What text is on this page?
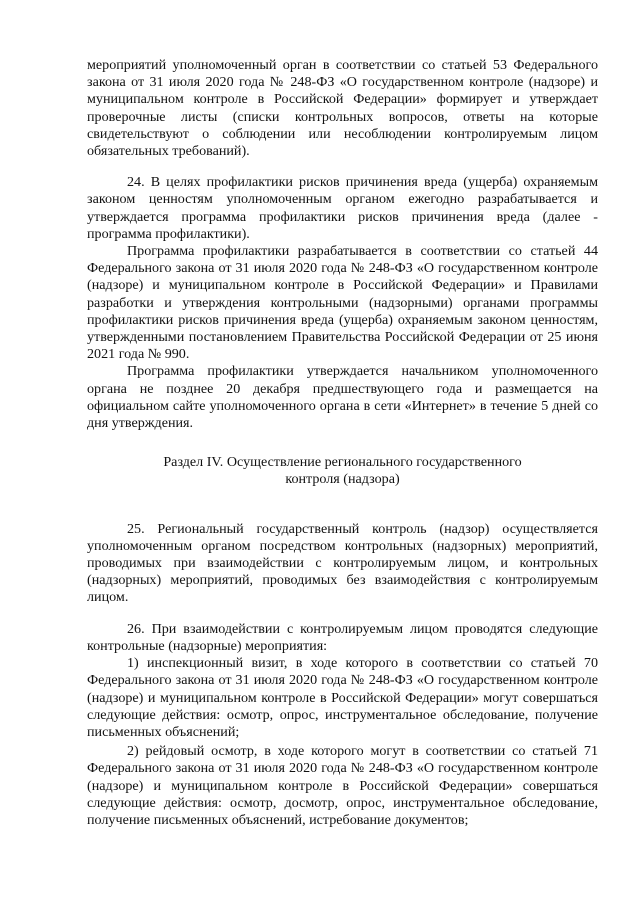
мероприятий уполномоченный орган в соответствии со статьей 53 Федерального закона от 31 июля 2020 года № 248-ФЗ «О государственном контроле (надзоре) и муниципальном контроле в Российской Федерации» формирует и утверждает проверочные листы (списки контрольных вопросов, ответы на которые свидетельствуют о соблюдении или несоблюдении контролируемым лицом обязательных требований).

24. В целях профилактики рисков причинения вреда (ущерба) охраняемым законом ценностям уполномоченным органом ежегодно разрабатывается и утверждается программа профилактики рисков причинения вреда (далее - программа профилактики).

Программа профилактики разрабатывается в соответствии со статьей 44 Федерального закона от 31 июля 2020 года № 248-ФЗ «О государственном контроле (надзоре) и муниципальном контроле в Российской Федерации» и Правилами разработки и утверждения контрольными (надзорными) органами программы профилактики рисков причинения вреда (ущерба) охраняемым законом ценностям, утвержденными постановлением Правительства Российской Федерации от 25 июня 2021 года № 990.

Программа профилактики утверждается начальником уполномоченного органа не позднее 20 декабря предшествующего года и размещается на официальном сайте уполномоченного органа в сети «Интернет» в течение 5 дней со дня утверждения.

Раздел IV. Осуществление регионального государственного
контроля (надзора)

25. Региональный государственный контроль (надзор) осуществляется уполномоченным органом посредством контрольных (надзорных) мероприятий, проводимых при взаимодействии с контролируемым лицом, и контрольных (надзорных) мероприятий, проводимых без взаимодействия с контролируемым лицом.

26. При взаимодействии с контролируемым лицом проводятся следующие контрольные (надзорные) мероприятия:

1) инспекционный визит, в ходе которого в соответствии со статьей 70 Федерального закона от 31 июля 2020 года № 248-ФЗ «О государственном контроле (надзоре) и муниципальном контроле в Российской Федерации» могут совершаться следующие действия: осмотр, опрос, инструментальное обследование, получение письменных объяснений;

2) рейдовый осмотр, в ходе которого могут в соответствии со статьей 71 Федерального закона от 31 июля 2020 года № 248-ФЗ «О государственном контроле (надзоре) и муниципальном контроле в Российской Федерации» совершаться следующие действия: осмотр, досмотр, опрос, инструментальное обследование, получение письменных объяснений, истребование документов;
